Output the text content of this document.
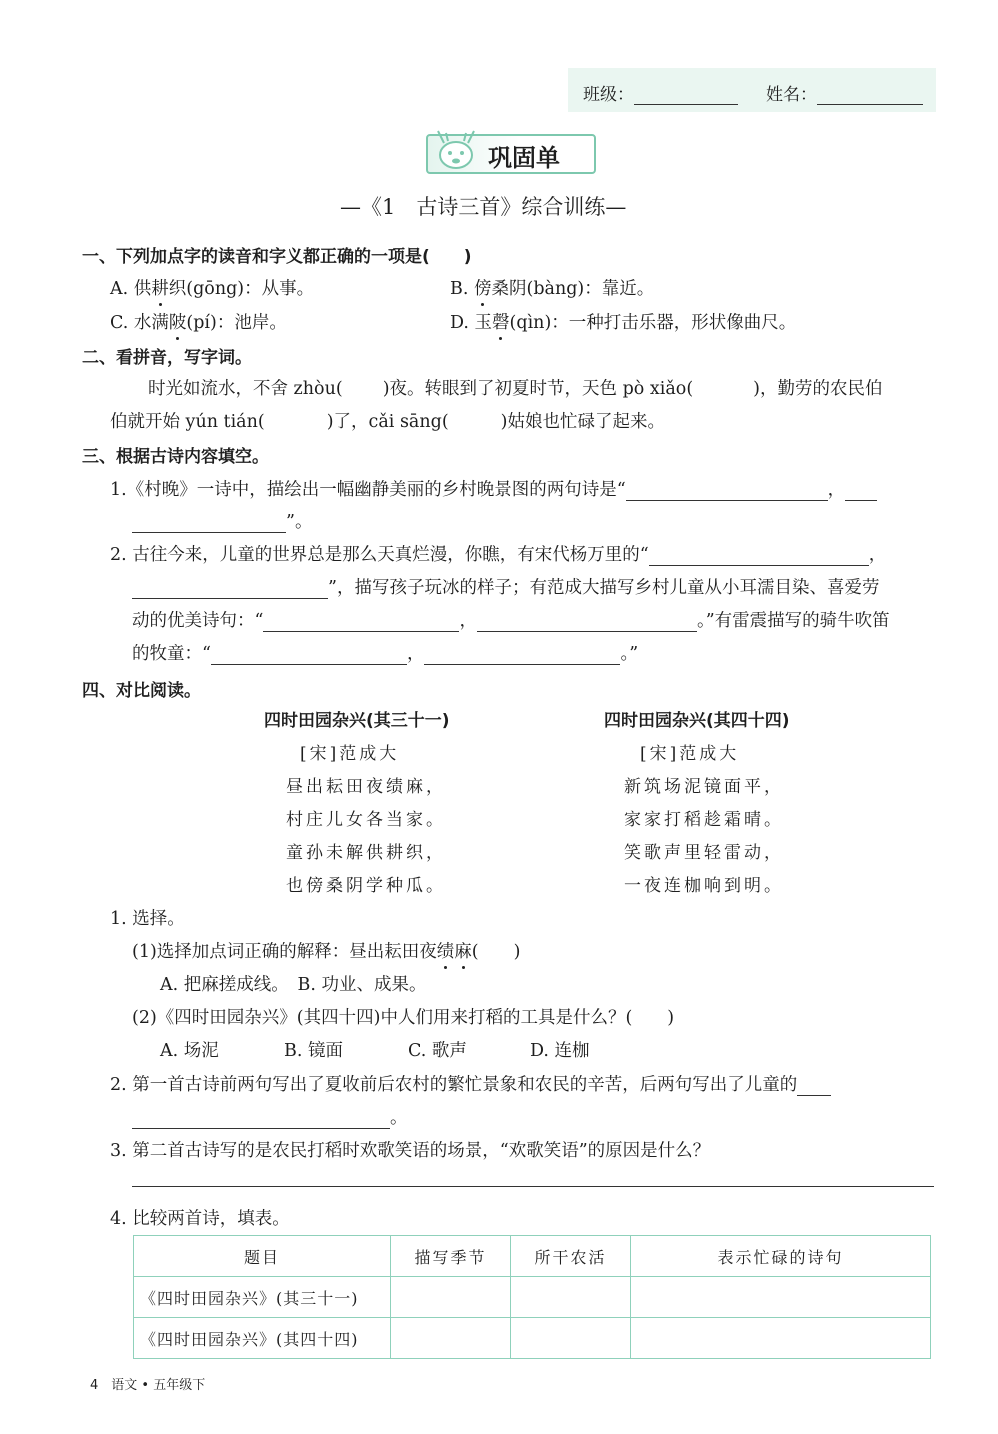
班级：	姓名：
巩固单
—《1　古诗三首》综合训练—
一、下列加点字的读音和字义都正确的一项是(　　)
A. 供耕织(gōng)：从事。	B. 傍桑阴(bàng)：靠近。
C. 水满陂(pí)：池岸。	D. 玉磬(qìn)：一种打击乐器，形状像曲尺。
二、看拼音，写字词。
时光如流水，不舍 zhòu( )夜。转眼到了初夏时节，天色 pò xiǎo(	)，勤劳的农民伯
伯就开始 yún tián(	)了，cǎi sāng(	)姑娘也忙碌了起来。
三、根据古诗内容填空。
1.《村晚》一诗中，描绘出一幅幽静美丽的乡村晚景图的两句诗是“	，
”。
2. 古往今来，儿童的世界总是那么天真烂漫，你瞧，有宋代杨万里的“	，
”，描写孩子玩冰的样子；有范成大描写乡村儿童从小耳濡目染、喜爱劳
动的优美诗句：“	，	。”有雷震描写的骑牛吹笛
的牧童：“	，	。”
四、对比阅读。
四时田园杂兴(其三十一)
[宋]范成大
昼出耘田夜绩麻，
村庄儿女各当家。
童孙未解供耕织，
也傍桑阴学种瓜。
四时田园杂兴(其四十四)
[宋]范成大
新筑场泥镜面平，
家家打稻趁霜晴。
笑歌声里轻雷动，
一夜连枷响到明。
1. 选择。
(1)选择加点词正确的解释：昼出耘田夜绩麻(　　)
A. 把麻搓成线。　B. 功业、成果。
(2)《四时田园杂兴》(其四十四)中人们用来打稻的工具是什么？(　　)
A. 场泥	B. 镜面	C. 歌声	D. 连枷
2. 第一首古诗前两句写出了夏收前后农村的繁忙景象和农民的辛苦，后两句写出了儿童的
。
3. 第二首古诗写的是农民打稻时欢歌笑语的场景，“欢歌笑语”的原因是什么？
4. 比较两首诗，填表。
题目	描写季节	所干农活	表示忙碌的诗句
《四时田园杂兴》(其三十一)			
《四时田园杂兴》(其四十四)			
4　语文 • 五年级下
